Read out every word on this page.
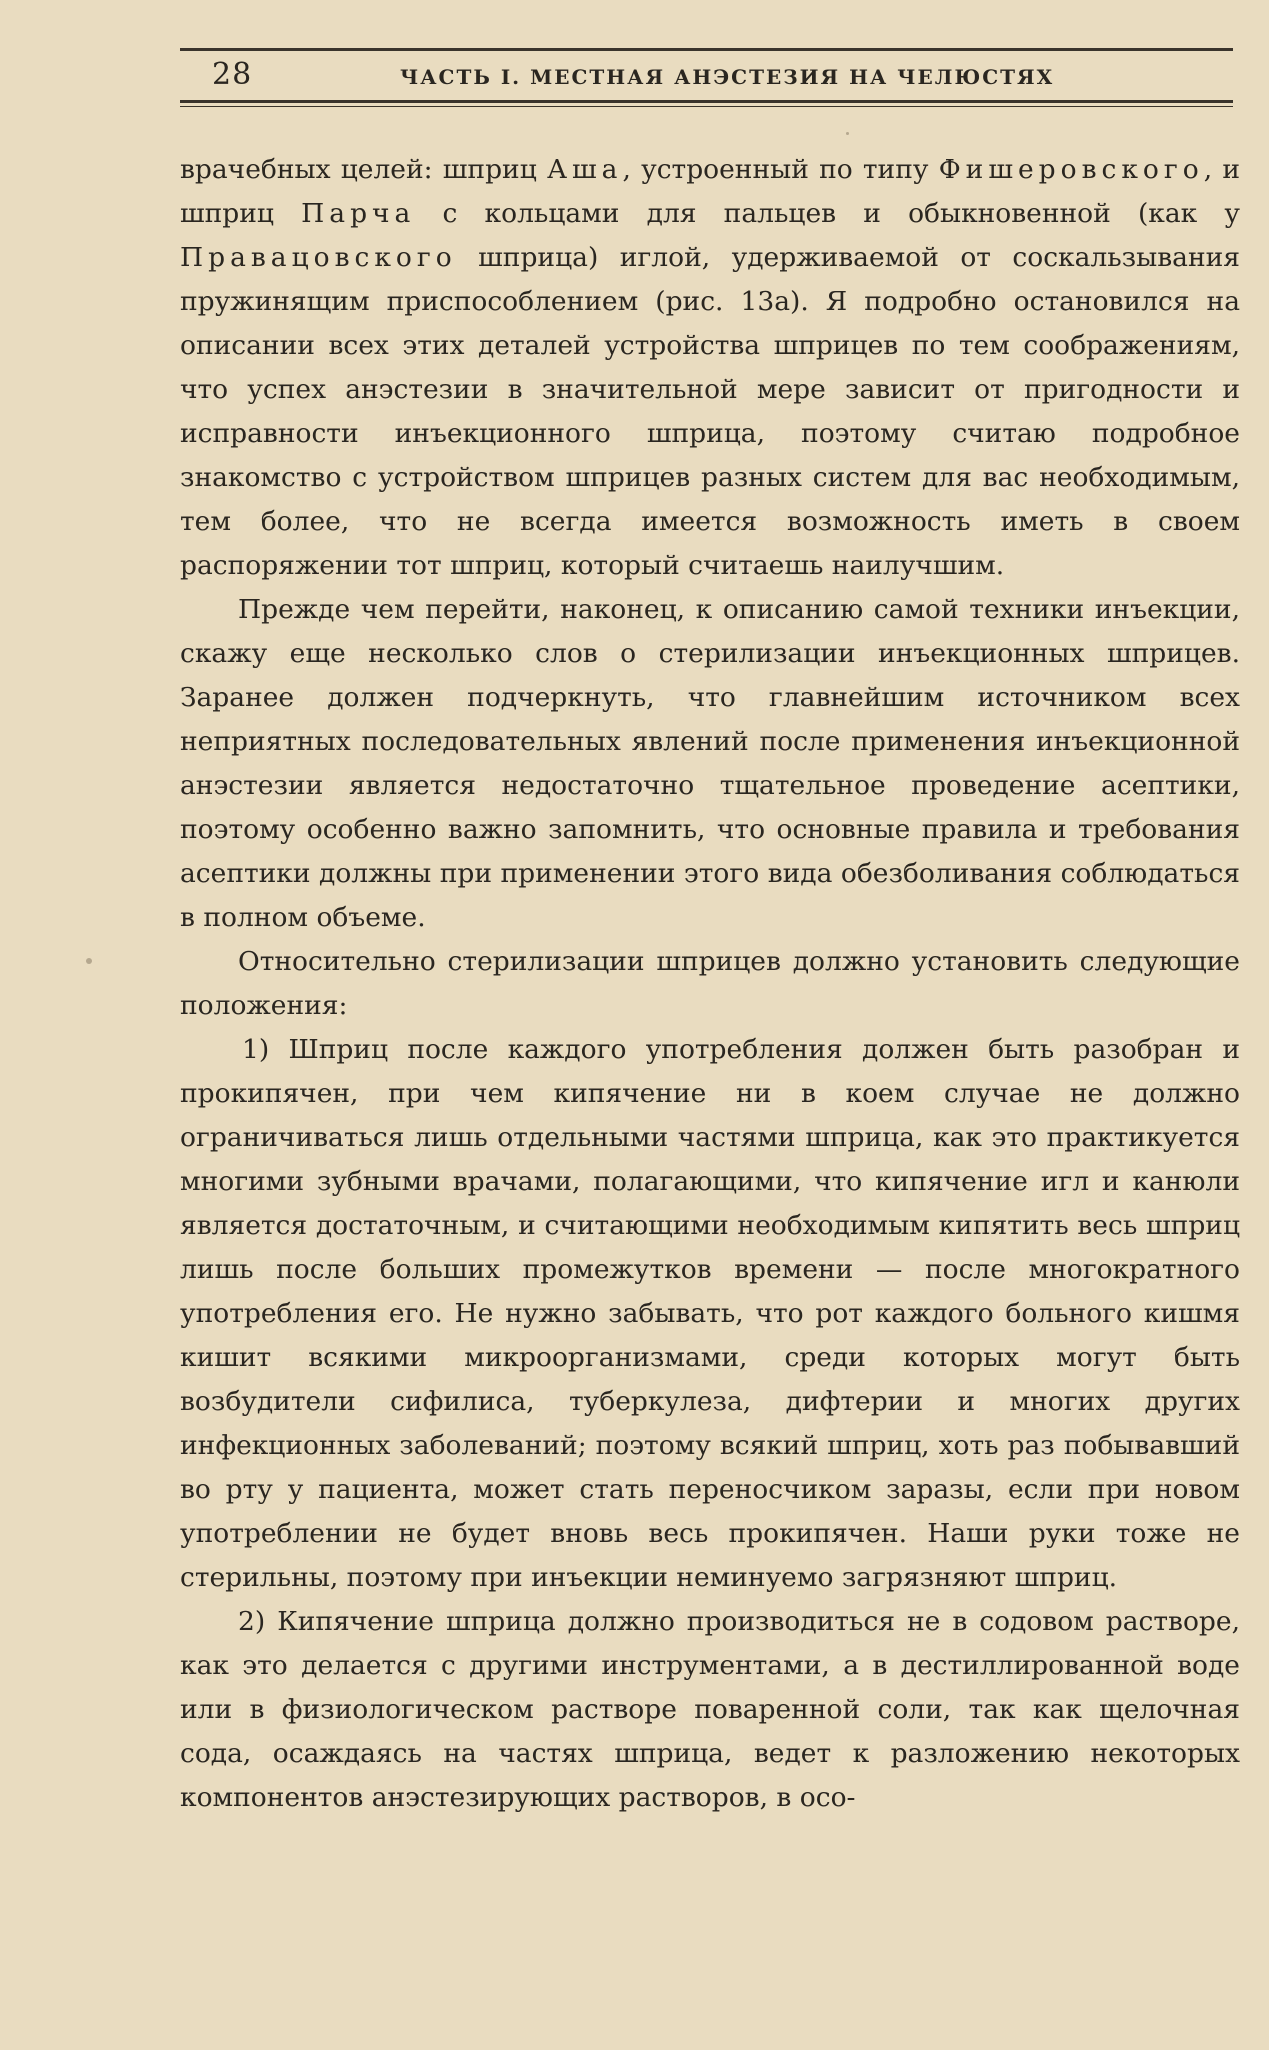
28	ЧАСТЬ I. МЕСТНАЯ АНЭСТЕЗИЯ НА ЧЕЛЮСТЯХ

врачебных целей: шприц Аша, устроенный по типу Фишеровского, и шприц Парча с кольцами для пальцев и обыкновенной (как у Правацовского шприца) иглой, удерживаемой от соскальзывания пружинящим приспособлением (рис. 13а). Я подробно остановился на описании всех этих деталей устройства шприцев по тем соображениям, что успех анэстезии в значительной мере зависит от пригодности и исправности инъекционного шприца, поэтому считаю подробное знакомство с устройством шприцев разных систем для вас необходимым, тем более, что не всегда имеется возможность иметь в своем распоряжении тот шприц, который считаешь наилучшим.

Прежде чем перейти, наконец, к описанию самой техники инъекции, скажу еще несколько слов о стерилизации инъекционных шприцев. Заранее должен подчеркнуть, что главнейшим источником всех неприятных последовательных явлений после применения инъекционной анэстезии является недостаточно тщательное проведение асептики, поэтому особенно важно запомнить, что основные правила и требования асептики должны при применении этого вида обезболивания соблюдаться в полном объеме.

Относительно стерилизации шприцев должно установить следующие положения:

1) Шприц после каждого употребления должен быть разобран и прокипячен, при чем кипячение ни в коем случае не должно ограничиваться лишь отдельными частями шприца, как это практикуется многими зубными врачами, полагающими, что кипячение игл и канюли является достаточным, и считающими необходимым кипятить весь шприц лишь после больших промежутков времени — после многократного употребления его. Не нужно забывать, что рот каждого больного кишмя кишит всякими микроорганизмами, среди которых могут быть возбудители сифилиса, туберкулеза, дифтерии и многих других инфекционных заболеваний; поэтому всякий шприц, хоть раз побывавший во рту у пациента, может стать переносчиком заразы, если при новом употреблении не будет вновь весь прокипячен. Наши руки тоже не стерильны, поэтому при инъекции неминуемо загрязняют шприц.

2) Кипячение шприца должно производиться не в содовом растворе, как это делается с другими инструментами, а в дестиллированной воде или в физиологическом растворе поваренной соли, так как щелочная сода, осаждаясь на частях шприца, ведет к разложению некоторых компонентов анэстезирующих растворов, в осо-
